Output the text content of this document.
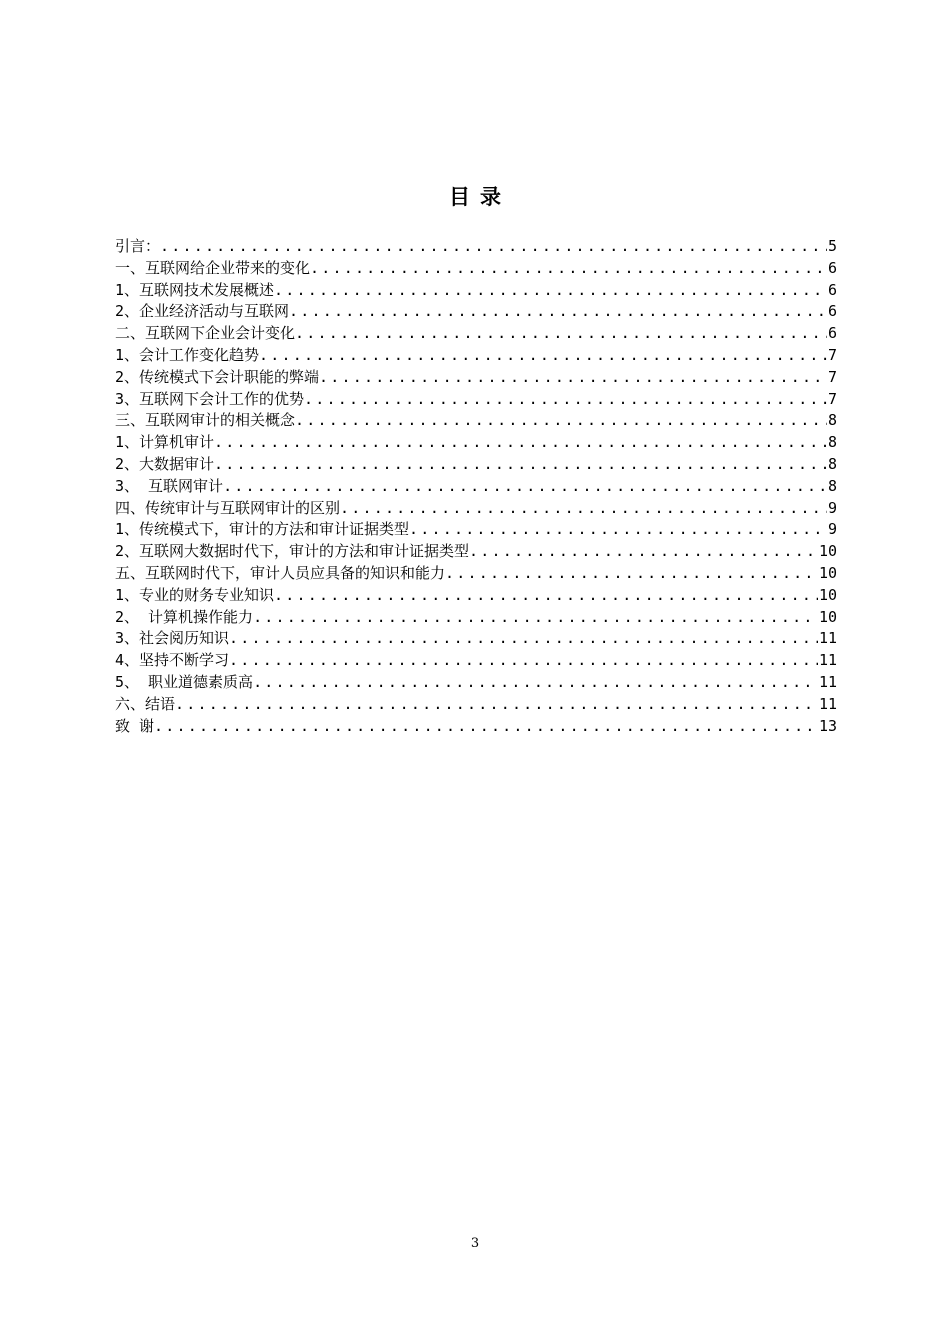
目录
引言： .....	5
一、互联网给企业带来的变化 .....	6
1、互联网技术发展概述 .....	6
2、企业经济活动与互联网 .....	6
二、互联网下企业会计变化 .....	6
1、会计工作变化趋势 .....	7
2、传统模式下会计职能的弊端 .....	7
3、互联网下会计工作的优势 .....	7
三、互联网审计的相关概念 .....	8
1、计算机审计 .....	8
2、大数据审计 .....	8
3、 互联网审计 .....	8
四、传统审计与互联网审计的区别 .....	9
1、传统模式下，审计的方法和审计证据类型 .....	9
2、互联网大数据时代下，审计的方法和审计证据类型 .....	10
五、互联网时代下，审计人员应具备的知识和能力 .....	10
1、专业的财务专业知识 .....	10
2、 计算机操作能力 .....	10
3、社会阅历知识 .....	11
4、坚持不断学习 .....	11
5、 职业道德素质高 .....	11
六、结语 .....	11
致 谢 .....	13
3
